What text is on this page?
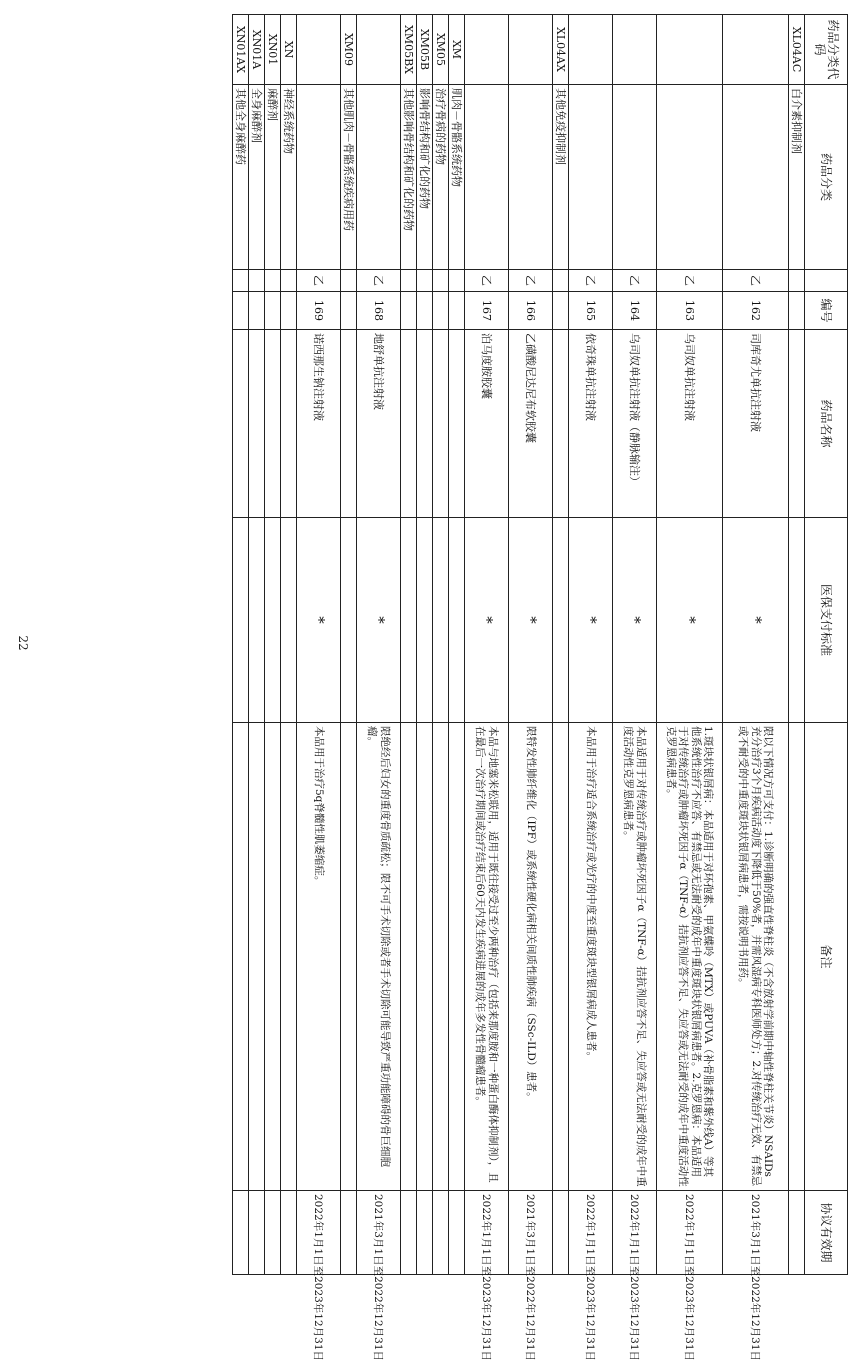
药品分类代码	药品分类		编号	药品名称	医保支付标准	备注	协议有效期
XL04AC	白介素抑制剂						
		乙	162	司库奇尤单抗注射液	*	限以下情况方可支付：1.诊断明确的强直性脊柱炎（不含放射学前期中轴性脊柱关节炎）NSAIDs充分治疗3个月疾病活动度下降低于50%者，并需风湿病专科医师处方；2.对传统治疗无效、有禁忌或不耐受的中重度斑块状银屑病患者，需按说明书用药。	2021年3月1日至2022年12月31日
		乙	163	乌司奴单抗注射液	*	1.斑块状银屑病：本品适用于对环孢素、甲氨蝶呤（MTX）或PUVA（补骨脂素和紫外线A）等其他系统性治疗不应答、有禁忌或无法耐受的成年中重度斑块状银屑病患者。2.克罗恩病：本品适用于对传统治疗或肿瘤坏死因子α（TNF-α）拮抗剂应答不足、失应答或无法耐受的成年中重度活动性克罗恩病患者。	2022年1月1日至2023年12月31日
		乙	164	乌司奴单抗注射液（静脉输注）	*	本品适用于对传统治疗或肿瘤坏死因子α（TNF-α）拮抗剂应答不足、失应答或无法耐受的成年中重度活动性克罗恩病患者。	2022年1月1日至2023年12月31日
		乙	165	依奇珠单抗注射液	*	本品用于治疗适合系统治疗或光疗的中度至重度斑块型银屑病成人患者。	2022年1月1日至2023年12月31日
XL04AX	其他免疫抑制剂						
		乙	166	乙磺酸尼达尼布软胶囊	*	限特发性肺纤维化（IPF）或系统性硬化病相关间质性肺疾病（SSc-ILD）患者。	2021年3月1日至2022年12月31日
		乙	167	泊马度胺胶囊	*	本品与地塞米松联用，适用于既往接受过至少两种治疗（包括来那度胺和一种蛋白酶体抑制剂），且在最后一次治疗期间或治疗结束后60天内发生疾病进展的成年多发性骨髓瘤患者。	2022年1月1日至2023年12月31日
XM	肌肉－骨骼系统药物						
XM05	治疗骨病的药物						
XM05B	影响骨结构和矿化的药物						
XM05BX	其他影响骨结构和矿化的药物						
		乙	168	地舒单抗注射液	*	限绝经后妇女的重度骨质疏松；限不可手术切除或者手术切除可能导致严重功能障碍的骨巨细胞瘤。	2021年3月1日至2022年12月31日
XM09	其他肌肉－骨骼系统疾病用药						
		乙	169	诺西那生钠注射液	*	本品用于治疗5q脊髓性肌萎缩症。	2022年1月1日至2023年12月31日
XN	神经系统药物						
XN01	麻醉剂						
XN01A	全身麻醉剂						
XN01AX	其他全身麻醉药						
22
